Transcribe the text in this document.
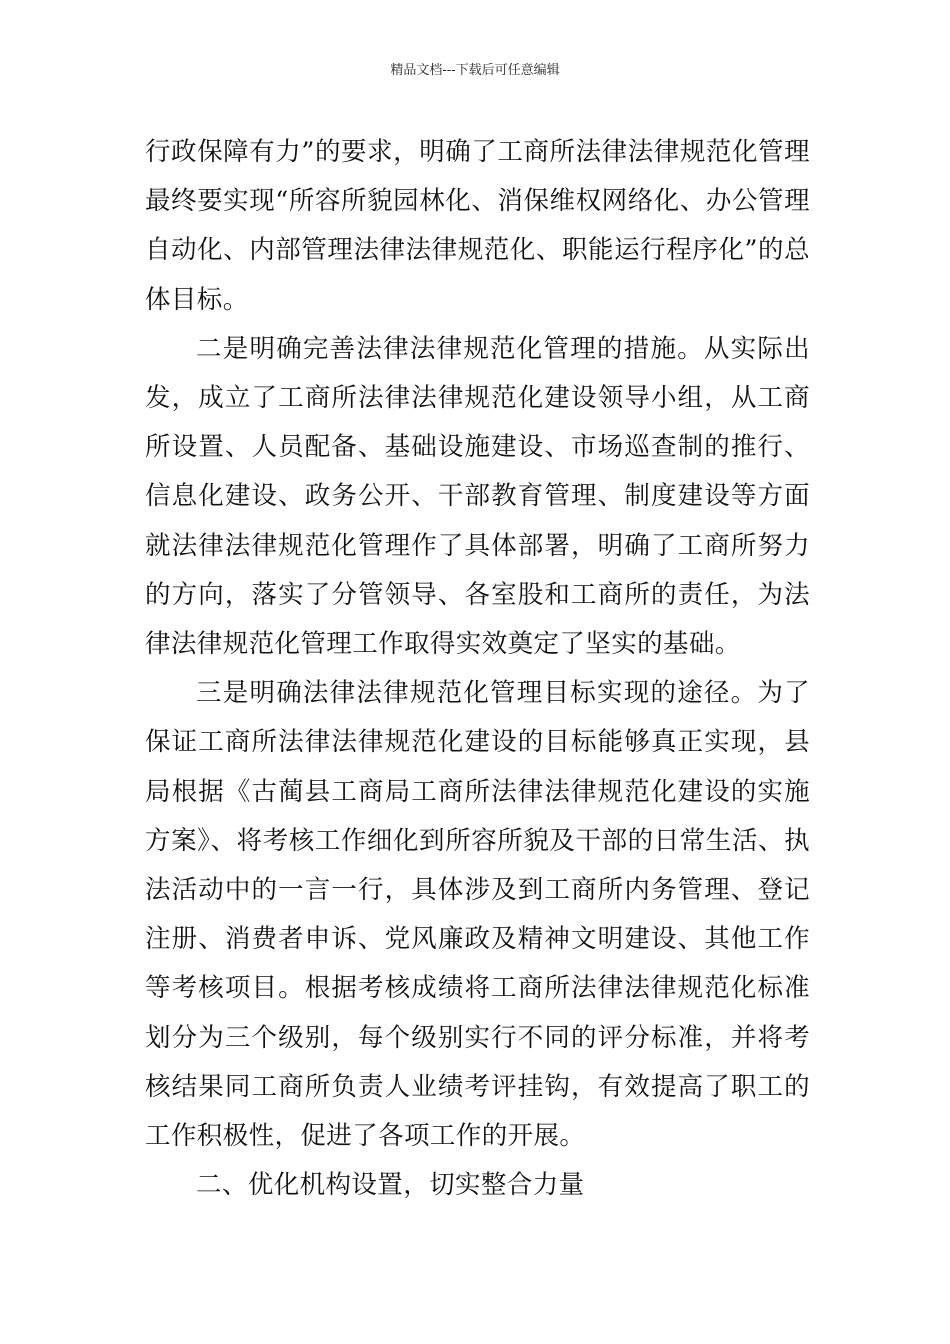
精品文档---下载后可任意编辑

行政保障有力”的要求，明确了工商所法律法律规范化管理最终要实现“所容所貌园林化、消保维权网络化、办公管理自动化、内部管理法律法律规范化、职能运行程序化”的总体目标。

二是明确完善法律法律规范化管理的措施。从实际出发，成立了工商所法律法律规范化建设领导小组，从工商所设置、人员配备、基础设施建设、市场巡查制的推行、信息化建设、政务公开、干部教育管理、制度建设等方面就法律法律规范化管理作了具体部署，明确了工商所努力的方向，落实了分管领导、各室股和工商所的责任，为法律法律规范化管理工作取得实效奠定了坚实的基础。

三是明确法律法律规范化管理目标实现的途径。为了保证工商所法律法律规范化建设的目标能够真正实现，县局根据《古蔺县工商局工商所法律法律规范化建设的实施方案》、将考核工作细化到所容所貌及干部的日常生活、执法活动中的一言一行，具体涉及到工商所内务管理、登记注册、消费者申诉、党风廉政及精神文明建设、其他工作等考核项目。根据考核成绩将工商所法律法律规范化标准划分为三个级别，每个级别实行不同的评分标准，并将考核结果同工商所负责人业绩考评挂钩，有效提高了职工的工作积极性，促进了各项工作的开展。

二、优化机构设置，切实整合力量
